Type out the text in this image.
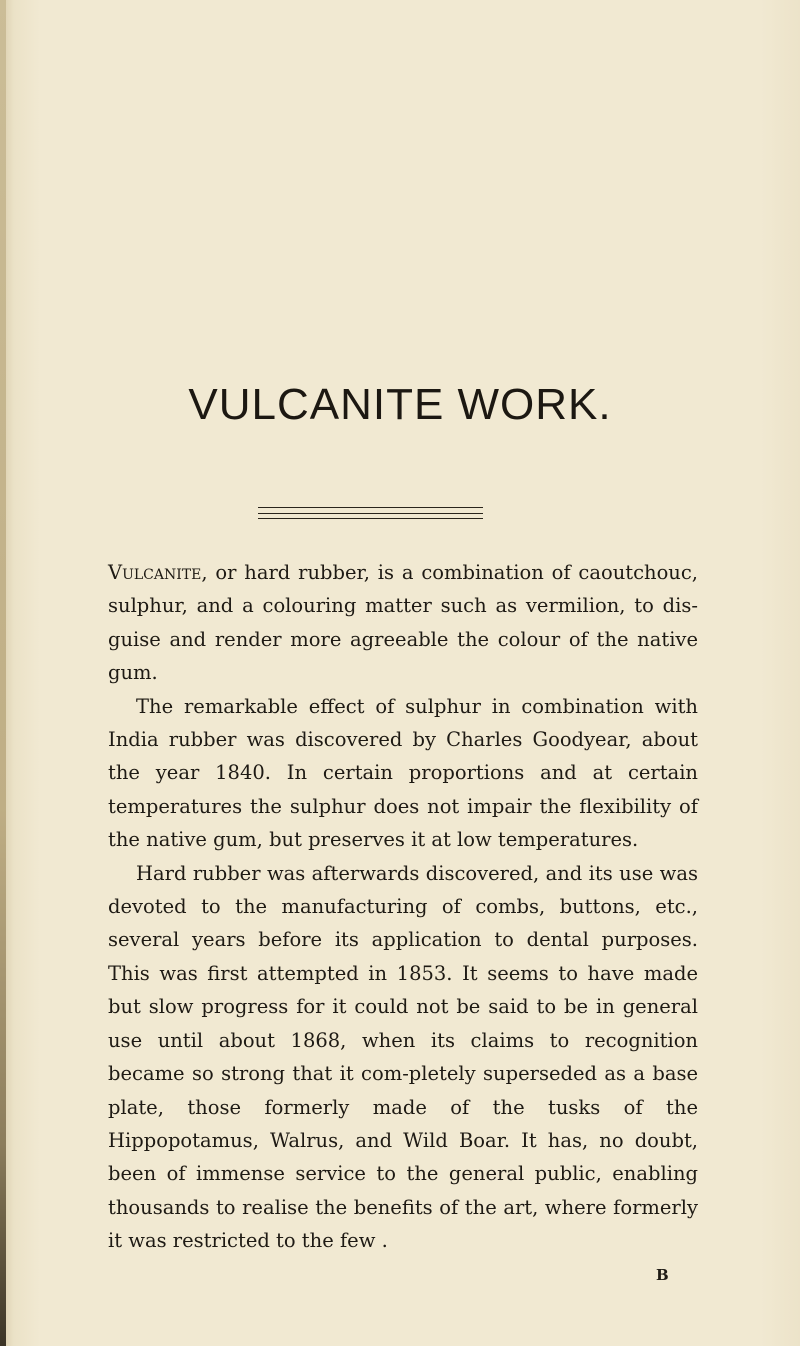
VULCANITE WORK.

Vulcanite, or hard rubber, is a combination of caoutchouc, sulphur, and a colouring matter such as vermilion, to dis-guise and render more agreeable the colour of the native gum.

The remarkable effect of sulphur in combination with India rubber was discovered by Charles Goodyear, about the year 1840. In certain proportions and at certain temperatures the sulphur does not impair the flexibility of the native gum, but preserves it at low temperatures.

Hard rubber was afterwards discovered, and its use was devoted to the manufacturing of combs, buttons, etc., several years before its application to dental purposes. This was first attempted in 1853. It seems to have made but slow progress for it could not be said to be in general use until about 1868, when its claims to recognition became so strong that it com-pletely superseded as a base plate, those formerly made of the tusks of the Hippopotamus, Walrus, and Wild Boar. It has, no doubt, been of immense service to the general public, enabling thousands to realise the benefits of the art, where formerly it was restricted to the few .

B
